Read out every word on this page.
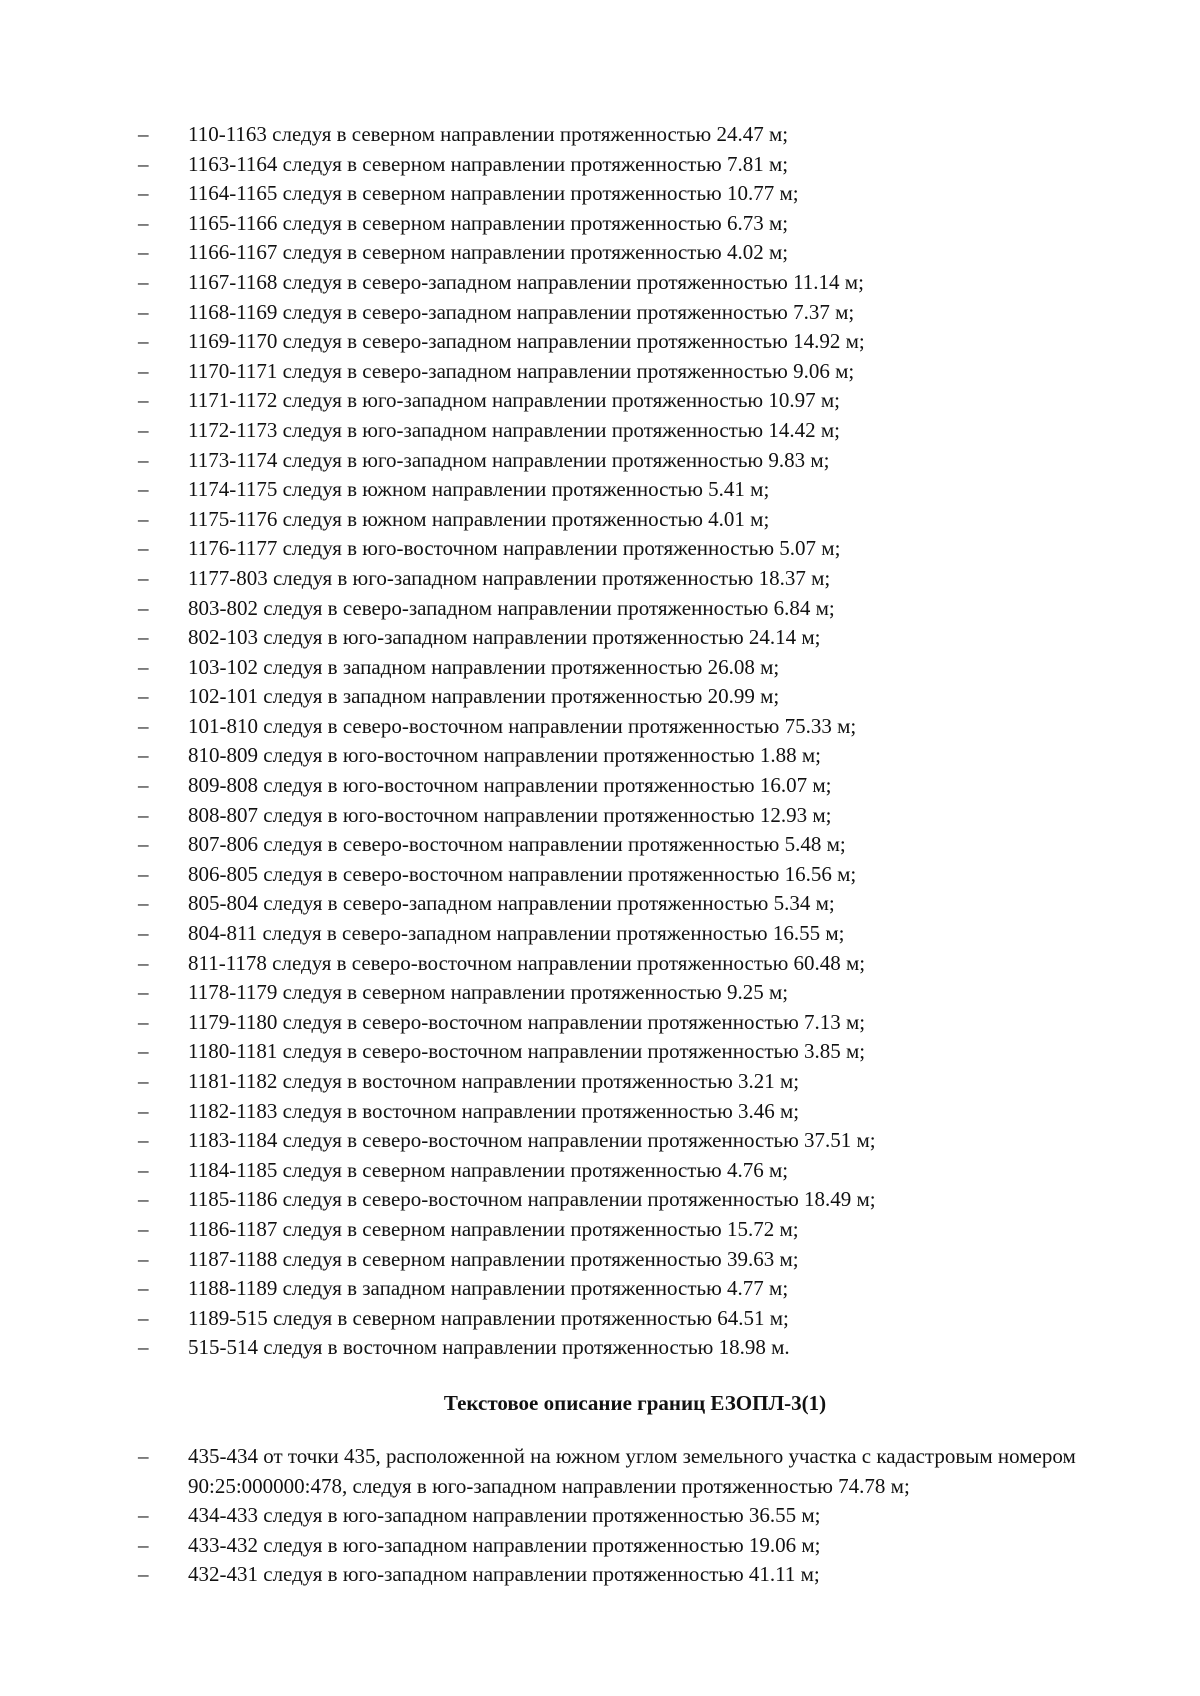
–	110-1163 следуя в северном направлении протяженностью 24.47 м;
–	1163-1164 следуя в северном направлении протяженностью 7.81 м;
–	1164-1165 следуя в северном направлении протяженностью 10.77 м;
–	1165-1166 следуя в северном направлении протяженностью 6.73 м;
–	1166-1167 следуя в северном направлении протяженностью 4.02 м;
–	1167-1168 следуя в северо-западном направлении протяженностью 11.14 м;
–	1168-1169 следуя в северо-западном направлении протяженностью 7.37 м;
–	1169-1170 следуя в северо-западном направлении протяженностью 14.92 м;
–	1170-1171 следуя в северо-западном направлении протяженностью 9.06 м;
–	1171-1172 следуя в юго-западном направлении протяженностью 10.97 м;
–	1172-1173 следуя в юго-западном направлении протяженностью 14.42 м;
–	1173-1174 следуя в юго-западном направлении протяженностью 9.83 м;
–	1174-1175 следуя в южном направлении протяженностью 5.41 м;
–	1175-1176 следуя в южном направлении протяженностью 4.01 м;
–	1176-1177 следуя в юго-восточном направлении протяженностью 5.07 м;
–	1177-803 следуя в юго-западном направлении протяженностью 18.37 м;
–	803-802 следуя в северо-западном направлении протяженностью 6.84 м;
–	802-103 следуя в юго-западном направлении протяженностью 24.14 м;
–	103-102 следуя в западном направлении протяженностью 26.08 м;
–	102-101 следуя в западном направлении протяженностью 20.99 м;
–	101-810 следуя в северо-восточном направлении протяженностью 75.33 м;
–	810-809 следуя в юго-восточном направлении протяженностью 1.88 м;
–	809-808 следуя в юго-восточном направлении протяженностью 16.07 м;
–	808-807 следуя в юго-восточном направлении протяженностью 12.93 м;
–	807-806 следуя в северо-восточном направлении протяженностью 5.48 м;
–	806-805 следуя в северо-восточном направлении протяженностью 16.56 м;
–	805-804 следуя в северо-западном направлении протяженностью 5.34 м;
–	804-811 следуя в северо-западном направлении протяженностью 16.55 м;
–	811-1178 следуя в северо-восточном направлении протяженностью 60.48 м;
–	1178-1179 следуя в северном направлении протяженностью 9.25 м;
–	1179-1180 следуя в северо-восточном направлении протяженностью 7.13 м;
–	1180-1181 следуя в северо-восточном направлении протяженностью 3.85 м;
–	1181-1182 следуя в восточном направлении протяженностью 3.21 м;
–	1182-1183 следуя в восточном направлении протяженностью 3.46 м;
–	1183-1184 следуя в северо-восточном направлении протяженностью 37.51 м;
–	1184-1185 следуя в северном направлении протяженностью 4.76 м;
–	1185-1186 следуя в северо-восточном направлении протяженностью 18.49 м;
–	1186-1187 следуя в северном направлении протяженностью 15.72 м;
–	1187-1188 следуя в северном направлении протяженностью 39.63 м;
–	1188-1189 следуя в западном направлении протяженностью 4.77 м;
–	1189-515 следуя в северном направлении протяженностью 64.51 м;
–	515-514 следуя в восточном направлении протяженностью 18.98 м.
Текстовое описание границ ЕЗОПЛ-3(1)
–	435-434 от точки 435, расположенной на южном углом земельного участка с кадастровым номером 90:25:000000:478, следуя в юго-западном направлении протяженностью 74.78 м;
–	434-433 следуя в юго-западном направлении протяженностью 36.55 м;
–	433-432 следуя в юго-западном направлении протяженностью 19.06 м;
–	432-431 следуя в юго-западном направлении протяженностью 41.11 м;
